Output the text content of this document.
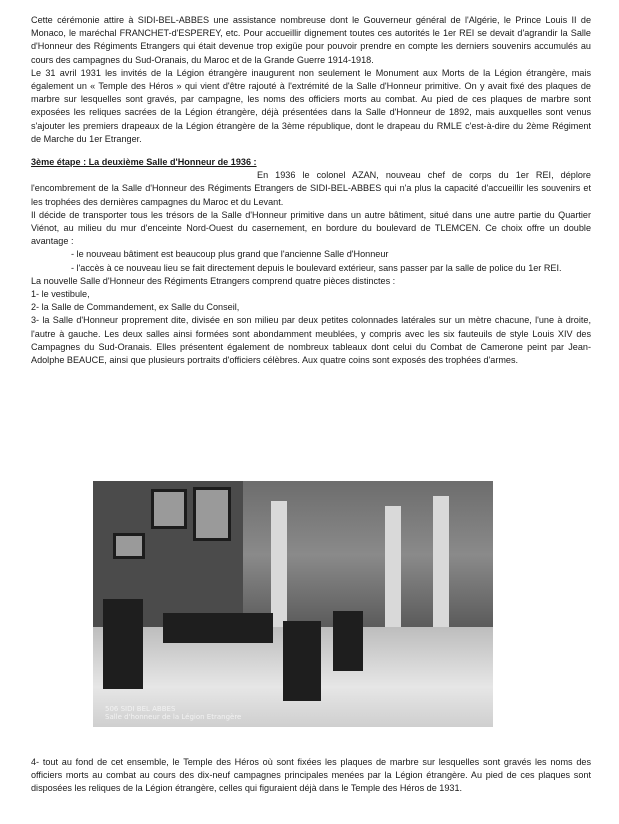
Cette cérémonie attire à SIDI-BEL-ABBES une assistance nombreuse dont le Gouverneur général de l'Algérie, le Prince Louis II de Monaco, le maréchal FRANCHET-d'ESPEREY, etc. Pour accueillir dignement toutes ces autorités le 1er REI se devait d'agrandir la Salle d'Honneur des Régiments Etrangers qui était devenue trop exigüe pour pouvoir prendre en compte les derniers souvenirs accumulés au cours des campagnes du Sud-Oranais, du Maroc et de la Grande Guerre 1914-1918.

Le 31 avril 1931 les invités de la Légion étrangère inaugurent non seulement le Monument aux Morts de la Légion étrangère, mais également un « Temple des Héros » qui vient d'être rajouté à l'extrémité de la Salle d'Honneur primitive. On y avait fixé des plaques de marbre sur lesquelles sont gravés, par campagne, les noms des officiers morts au combat. Au pied de ces plaques de marbre sont exposées les reliques sacrées de la Légion étrangère, déjà présentées dans la Salle d'Honneur de 1892, mais auxquelles sont venus s'ajouter les premiers drapeaux de la Légion étrangère de la 3ème république, dont le drapeau du RMLE c'est-à-dire du 2ème Régiment de Marche du 1er Etranger.

3ème étape : La deuxième Salle d'Honneur de 1936 :

En 1936 le colonel AZAN, nouveau chef de corps du 1er REI, déplore l'encombrement de la Salle d'Honneur des Régiments Etrangers de SIDI-BEL-ABBES qui n'a plus la capacité d'accueillir les souvenirs et les trophées des dernières campagnes du Maroc et du Levant.

Il décide de transporter tous les trésors de la Salle d'Honneur primitive dans un autre bâtiment, situé dans une autre partie du Quartier Viénot, au milieu du mur d'enceinte Nord-Ouest du casernement, en bordure du boulevard de TLEMCEN. Ce choix offre un double avantage :

- le nouveau bâtiment est beaucoup plus grand que l'ancienne Salle d'Honneur

- l'accès à ce nouveau lieu se fait directement depuis le boulevard extérieur, sans passer par la salle de police du 1er REI.

La nouvelle Salle d'Honneur des Régiments Etrangers comprend quatre pièces distinctes :

1- le vestibule,

2- la Salle de Commandement, ex Salle du Conseil,

3- la Salle d'Honneur proprement dite, divisée en son milieu par deux petites colonnades latérales sur un mètre chacune, l'une à droite, l'autre à gauche. Les deux salles ainsi formées sont abondamment meublées, y compris avec les six fauteuils de style Louis XIV des Campagnes du Sud-Oranais. Elles présentent également de nombreux tableaux dont celui du Combat de Camerone peint par Jean-Adolphe BEAUCE, ainsi que plusieurs portraits d'officiers célèbres. Aux quatre coins sont exposés des trophées d'armes.

506 SIDI BEL ABBES
Salle d'honneur de la Légion Etrangère

4- tout au fond de cet ensemble, le Temple des Héros où sont fixées les plaques de marbre sur lesquelles sont gravés les noms des officiers morts au combat au cours des dix-neuf campagnes principales menées par la Légion étrangère. Au pied de ces plaques sont disposées les reliques de la Légion étrangère, celles qui figuraient déjà dans le Temple des Héros de 1931.
